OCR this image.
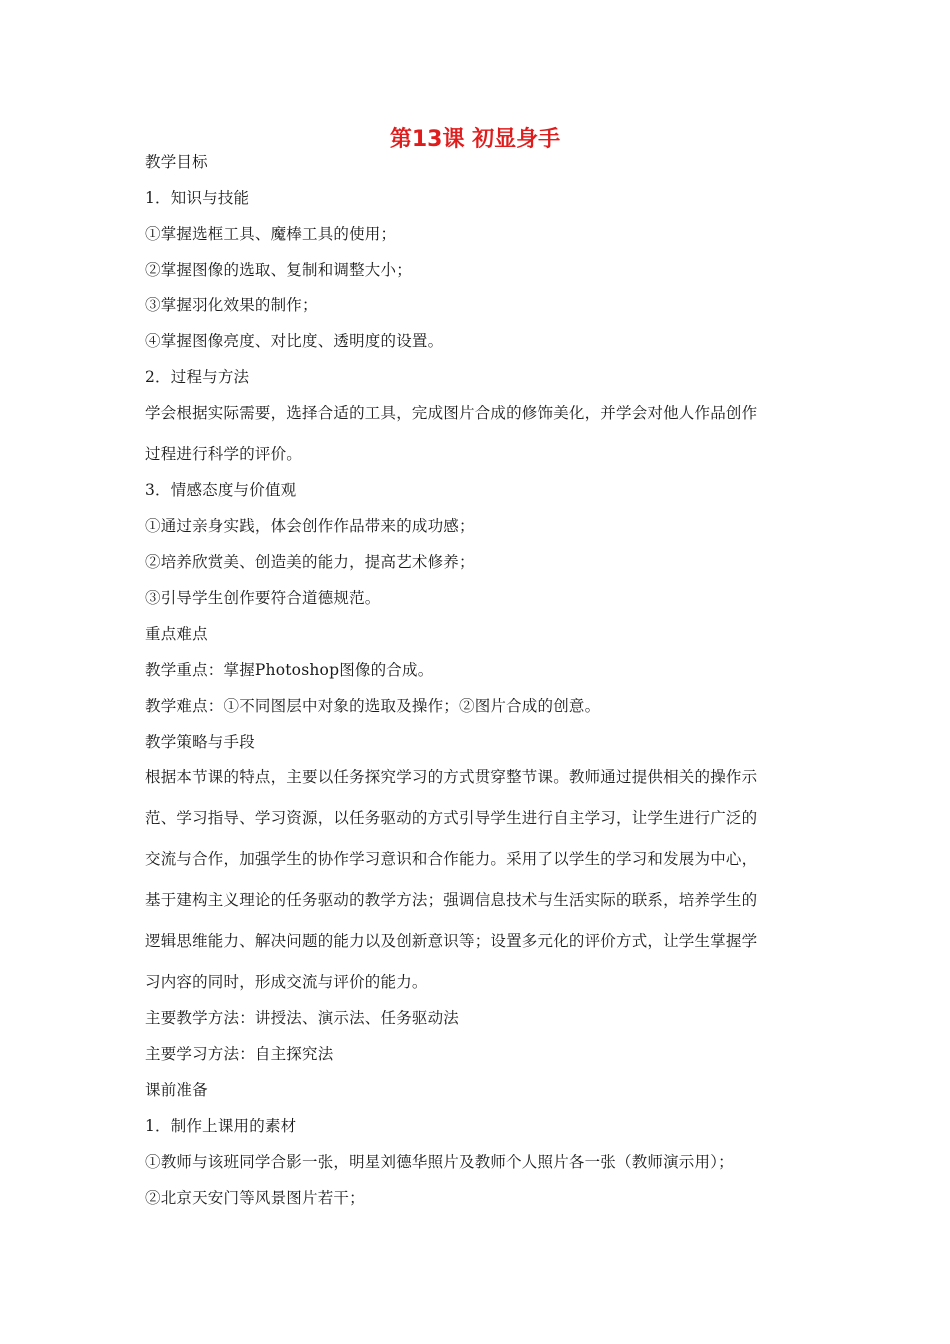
第13课 初显身手
教学目标
1．知识与技能
①掌握选框工具、魔棒工具的使用；
②掌握图像的选取、复制和调整大小；
③掌握羽化效果的制作；
④掌握图像亮度、对比度、透明度的设置。
2．过程与方法
学会根据实际需要，选择合适的工具，完成图片合成的修饰美化，并学会对他人作品创作
过程进行科学的评价。
3．情感态度与价值观
①通过亲身实践，体会创作作品带来的成功感；
②培养欣赏美、创造美的能力，提高艺术修养；
③引导学生创作要符合道德规范。
重点难点
教学重点：掌握Photoshop图像的合成。
教学难点：①不同图层中对象的选取及操作；②图片合成的创意。
教学策略与手段
根据本节课的特点，主要以任务探究学习的方式贯穿整节课。教师通过提供相关的操作示
范、学习指导、学习资源，以任务驱动的方式引导学生进行自主学习，让学生进行广泛的
交流与合作，加强学生的协作学习意识和合作能力。采用了以学生的学习和发展为中心，
基于建构主义理论的任务驱动的教学方法；强调信息技术与生活实际的联系，培养学生的
逻辑思维能力、解决问题的能力以及创新意识等；设置多元化的评价方式，让学生掌握学
习内容的同时，形成交流与评价的能力。
主要教学方法：讲授法、演示法、任务驱动法
主要学习方法：自主探究法
课前准备
1．制作上课用的素材
①教师与该班同学合影一张，明星刘德华照片及教师个人照片各一张（教师演示用）；
②北京天安门等风景图片若干；
